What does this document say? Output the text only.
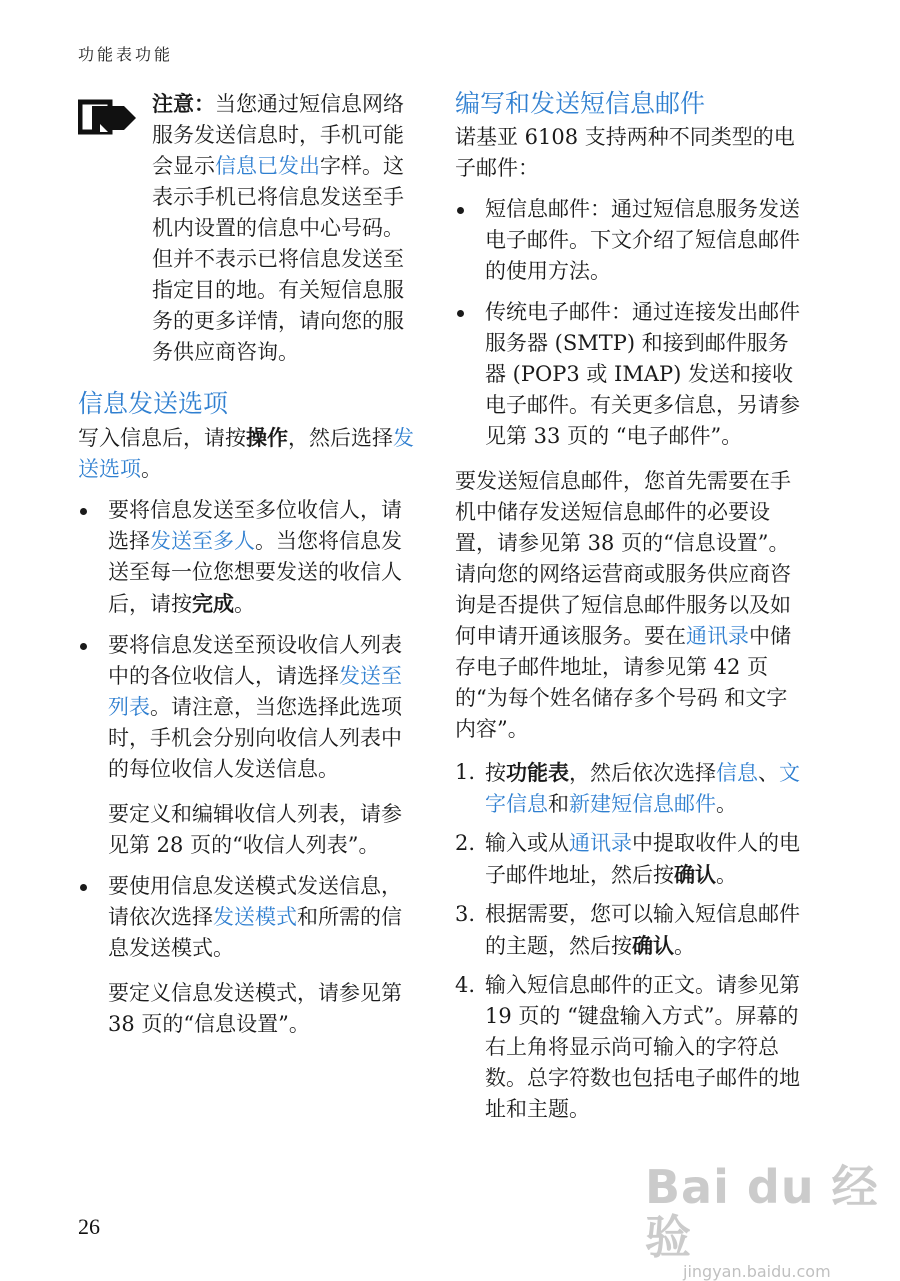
功能表功能

注意：当您通过短信息网络服务发送信息时，手机可能会显示信息已发出字样。这表示手机已将信息发送至手机内设置的信息中心号码。但并不表示已将信息发送至指定目的地。有关短信息服务的更多详情，请向您的服务供应商咨询。

信息发送选项

写入信息后，请按操作，然后选择发送选项。

要将信息发送至多位收信人，请选择发送至多人。当您将信息发送至每一位您想要发送的收信人后，请按完成。
要将信息发送至预设收信人列表中的各位收信人，请选择发送至列表。请注意，当您选择此选项时，手机会分别向收信人列表中的每位收信人发送信息。

要定义和编辑收信人列表，请参见第 28 页的“收信人列表”。

要使用信息发送模式发送信息，请依次选择发送模式和所需的信息发送模式。

要定义信息发送模式，请参见第 38 页的“信息设置”。

编写和发送短信息邮件

诺基亚 6108 支持两种不同类型的电子邮件：

短信息邮件：通过短信息服务发送电子邮件。下文介绍了短信息邮件的使用方法。
传统电子邮件：通过连接发出邮件服务器 (SMTP) 和接到邮件服务器 (POP3 或 IMAP) 发送和接收电子邮件。有关更多信息，另请参见第 33 页的 “电子邮件”。

要发送短信息邮件，您首先需要在手机中储存发送短信息邮件的必要设置，请参见第 38 页的“信息设置”。请向您的网络运营商或服务供应商咨询是否提供了短信息邮件服务以及如何申请开通该服务。要在通讯录中储存电子邮件地址，请参见第 42 页的“为每个姓名储存多个号码 和文字内容”。

1. 按功能表，然后依次选择信息、文字信息和新建短信息邮件。
2. 输入或从通讯录中提取收件人的电子邮件地址，然后按确认。
3. 根据需要，您可以输入短信息邮件的主题，然后按确认。
4. 输入短信息邮件的正文。请参见第 19 页的 “键盘输入方式”。屏幕的右上角将显示尚可输入的字符总数。总字符数也包括电子邮件的地址和主题。
26
Bai du 经验
jingyan.baidu.com
